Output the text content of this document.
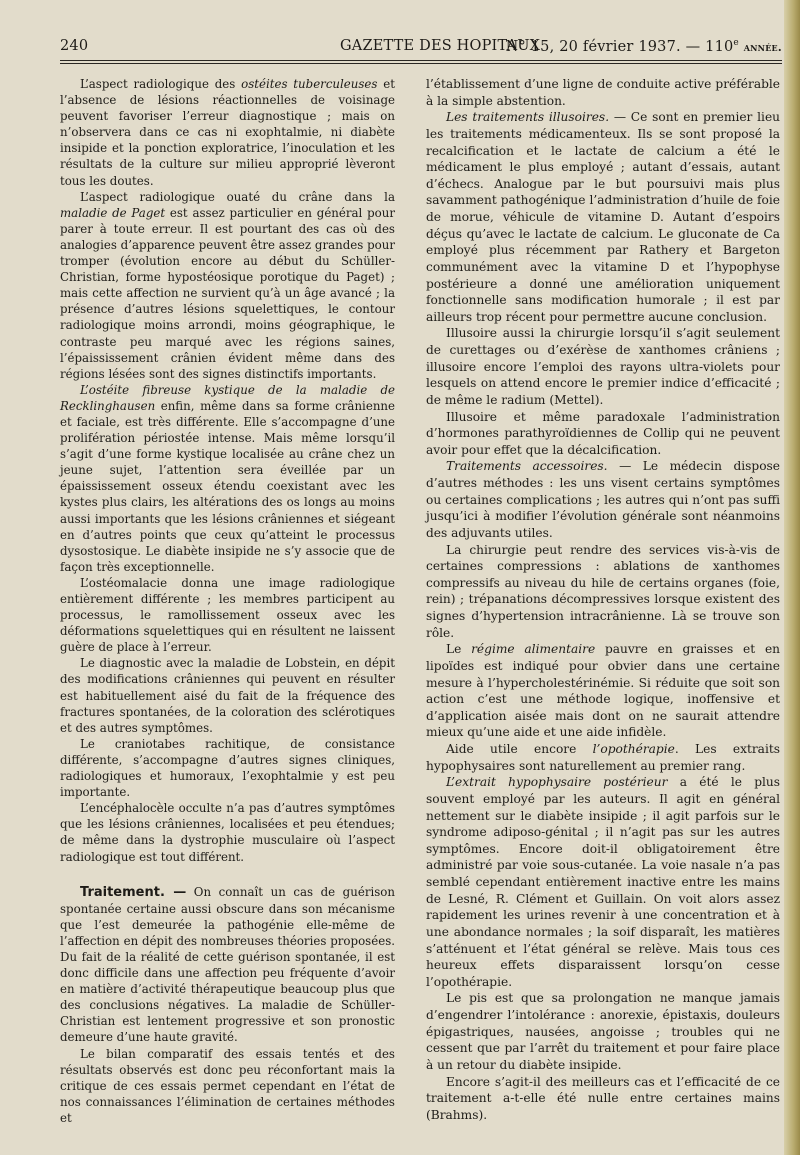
240	GAZETTE DES HOPITAUX
N° 15, 20 février 1937. — 110e année.

L’aspect radiologique des ostéites tuberculeuses et l’absence de lésions réactionnelles de voisinage peuvent favoriser l’erreur diagnostique ; mais on n’observera dans ce cas ni exophtalmie, ni diabète insipide et la ponction exploratrice, l’inoculation et les résultats de la culture sur milieu approprié lèveront tous les doutes.

L’aspect radiologique ouaté du crâne dans la maladie de Paget est assez particulier en général pour parer à toute erreur. Il est pourtant des cas où des analogies d’apparence peuvent être assez grandes pour tromper (évolution encore au début du Schüller-Christian, forme hypostéosique porotique du Paget) ; mais cette affection ne survient qu’à un âge avancé ; la présence d’autres lésions squelettiques, le contour radiologique moins arrondi, moins géographique, le contraste peu marqué avec les régions saines, l’épaississement crânien évident même dans des régions lésées sont des signes distinctifs importants.

L’ostéite fibreuse kystique de la maladie de Recklinghausen enfin, même dans sa forme crânienne et faciale, est très différente. Elle s’accompagne d’une prolifération périostée intense. Mais même lorsqu’il s’agit d’une forme kystique localisée au crâne chez un jeune sujet, l’attention sera éveillée par un épaississement osseux étendu coexistant avec les kystes plus clairs, les altérations des os longs au moins aussi importants que les lésions crâniennes et siégeant en d’autres points que ceux qu’atteint le processus dysostosique. Le diabète insipide ne s’y associe que de façon très exceptionnelle.

L’ostéomalacie donna une image radiologique entièrement différente ; les membres participent au processus, le ramollissement osseux avec les déformations squelettiques qui en résultent ne laissent guère de place à l’erreur.

Le diagnostic avec la maladie de Lobstein, en dépit des modifications crâniennes qui peuvent en résulter est habituellement aisé du fait de la fréquence des fractures spontanées, de la coloration des sclérotiques et des autres symptômes.

Le craniotabes rachitique, de consistance différente, s’accompagne d’autres signes cliniques, radiologiques et humoraux, l’exophtalmie y est peu importante.

L’encéphalocèle occulte n’a pas d’autres symptômes que les lésions crâniennes, localisées et peu étendues; de même dans la dystrophie musculaire où l’aspect radiologique est tout différent.

Traitement. — On connaît un cas de guérison spontanée certaine aussi obscure dans son mécanisme que l’est demeurée la pathogénie elle-même de l’affection en dépit des nombreuses théories proposées. Du fait de la réalité de cette guérison spontanée, il est donc difficile dans une affection peu fréquente d’avoir en matière d’activité thérapeutique beaucoup plus que des conclusions négatives. La maladie de Schüller-Christian est lentement progressive et son pronostic demeure d’une haute gravité.

Le bilan comparatif des essais tentés et des résultats observés est donc peu réconfortant mais la critique de ces essais permet cependant en l’état de nos connaissances l’élimination de certaines méthodes et

l’établissement d’une ligne de conduite active préférable à la simple abstention.

Les traitements illusoires. — Ce sont en premier lieu les traitements médicamenteux. Ils se sont proposé la recalcification et le lactate de calcium a été le médicament le plus employé ; autant d’essais, autant d’échecs. Analogue par le but poursuivi mais plus savamment pathogénique l’administration d’huile de foie de morue, véhicule de vitamine D. Autant d’espoirs déçus qu’avec le lactate de calcium. Le gluconate de Ca employé plus récemment par Rathery et Bargeton communément avec la vitamine D et l’hypophyse postérieure a donné une amélioration uniquement fonctionnelle sans modification humorale ; il est par ailleurs trop récent pour permettre aucune conclusion.

Illusoire aussi la chirurgie lorsqu’il s’agit seulement de curettages ou d’exérèse de xanthomes crâniens ; illusoire encore l’emploi des rayons ultra-violets pour lesquels on attend encore le premier indice d’efficacité ; de même le radium (Mettel).

Illusoire et même paradoxale l’administration d’hormones parathyroïdiennes de Collip qui ne peuvent avoir pour effet que la décalcification.

Traitements accessoires. — Le médecin dispose d’autres méthodes : les uns visent certains symptômes ou certaines complications ; les autres qui n’ont pas suffi jusqu’ici à modifier l’évolution générale sont néanmoins des adjuvants utiles.

La chirurgie peut rendre des services vis-à-vis de certaines compressions : ablations de xanthomes compressifs au niveau du hile de certains organes (foie, rein) ; trépanations décompressives lorsque existent des signes d’hypertension intracrânienne. Là se trouve son rôle.

Le régime alimentaire pauvre en graisses et en lipoïdes est indiqué pour obvier dans une certaine mesure à l’hypercholestérinémie. Si réduite que soit son action c’est une méthode logique, inoffensive et d’application aisée mais dont on ne saurait attendre mieux qu’une aide et une aide infidèle.

Aide utile encore l’opothérapie. Les extraits hypophysaires sont naturellement au premier rang.

L’extrait hypophysaire postérieur a été le plus souvent employé par les auteurs. Il agit en général nettement sur le diabète insipide ; il agit parfois sur le syndrome adiposo-génital ; il n’agit pas sur les autres symptômes. Encore doit-il obligatoirement être administré par voie sous-cutanée. La voie nasale n’a pas semblé cependant entièrement inactive entre les mains de Lesné, R. Clément et Guillain. On voit alors assez rapidement les urines revenir à une concentration et à une abondance normales ; la soif disparaît, les matières s’atténuent et l’état général se relève. Mais tous ces heureux effets disparaissent lorsqu’on cesse l’opothérapie.

Le pis est que sa prolongation ne manque jamais d’engendrer l’intolérance : anorexie, épistaxis, douleurs épigastriques, nausées, angoisse ; troubles qui ne cessent que par l’arrêt du traitement et pour faire place à un retour du diabète insipide.

Encore s’agit-il des meilleurs cas et l’efficacité de ce traitement a-t-elle été nulle entre certaines mains (Brahms).
